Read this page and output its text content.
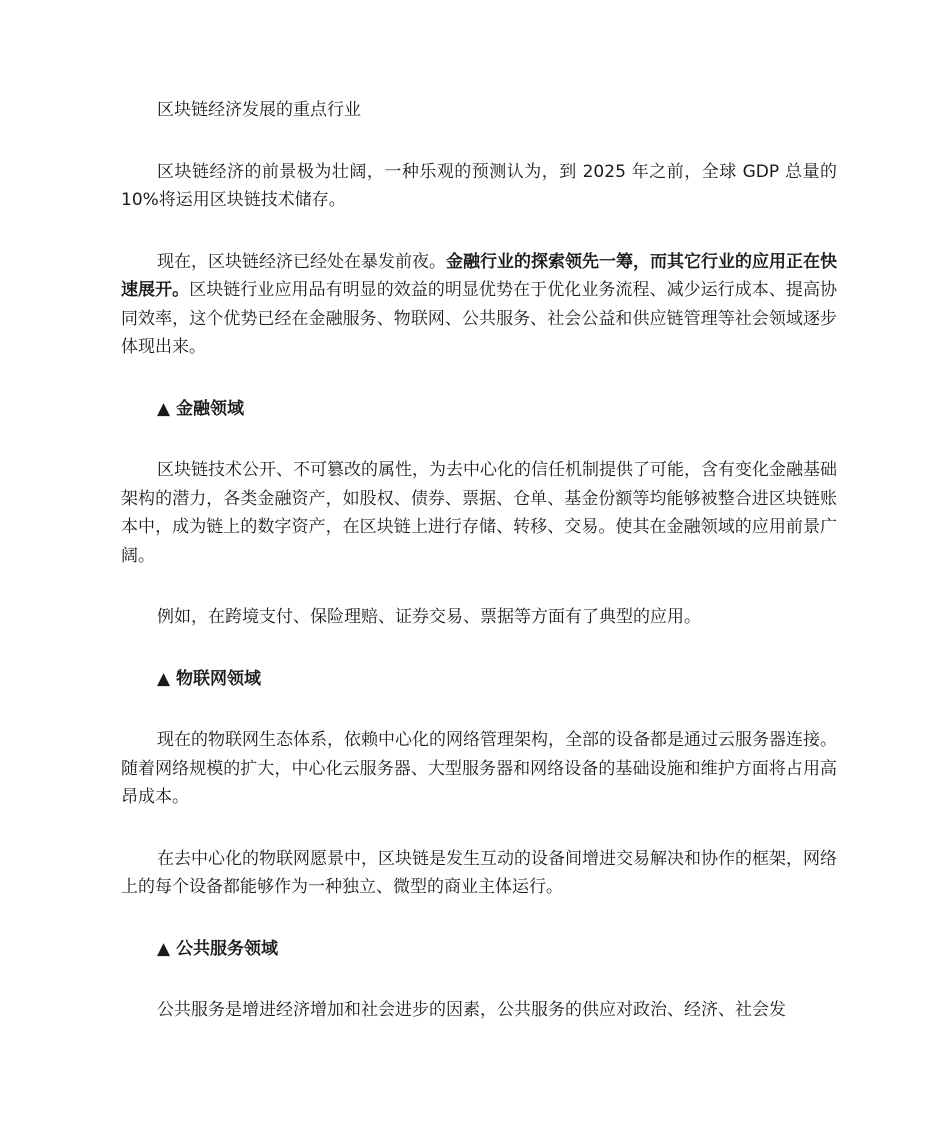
区块链经济发展的重点行业

区块链经济的前景极为壮阔，一种乐观的预测认为，到 2025 年之前，全球 GDP 总量的 10%将运用区块链技术储存。

现在，区块链经济已经处在暴发前夜。金融行业的探索领先一筹，而其它行业的应用正在快速展开。区块链行业应用品有明显的效益的明显优势在于优化业务流程、减少运行成本、提高协同效率，这个优势已经在金融服务、物联网、公共服务、社会公益和供应链管理等社会领域逐步体现出来。

▲ 金融领域

区块链技术公开、不可篡改的属性，为去中心化的信任机制提供了可能，含有变化金融基础架构的潜力，各类金融资产，如股权、债券、票据、仓单、基金份额等均能够被整合进区块链账本中，成为链上的数字资产，在区块链上进行存储、转移、交易。使其在金融领域的应用前景广阔。

例如，在跨境支付、保险理赔、证券交易、票据等方面有了典型的应用。

▲ 物联网领域

现在的物联网生态体系，依赖中心化的网络管理架构，全部的设备都是通过云服务器连接。随着网络规模的扩大，中心化云服务器、大型服务器和网络设备的基础设施和维护方面将占用高昂成本。

在去中心化的物联网愿景中，区块链是发生互动的设备间增进交易解决和协作的框架，网络上的每个设备都能够作为一种独立、微型的商业主体运行。

▲ 公共服务领域

公共服务是增进经济增加和社会进步的因素，公共服务的供应对政治、经济、社会发
